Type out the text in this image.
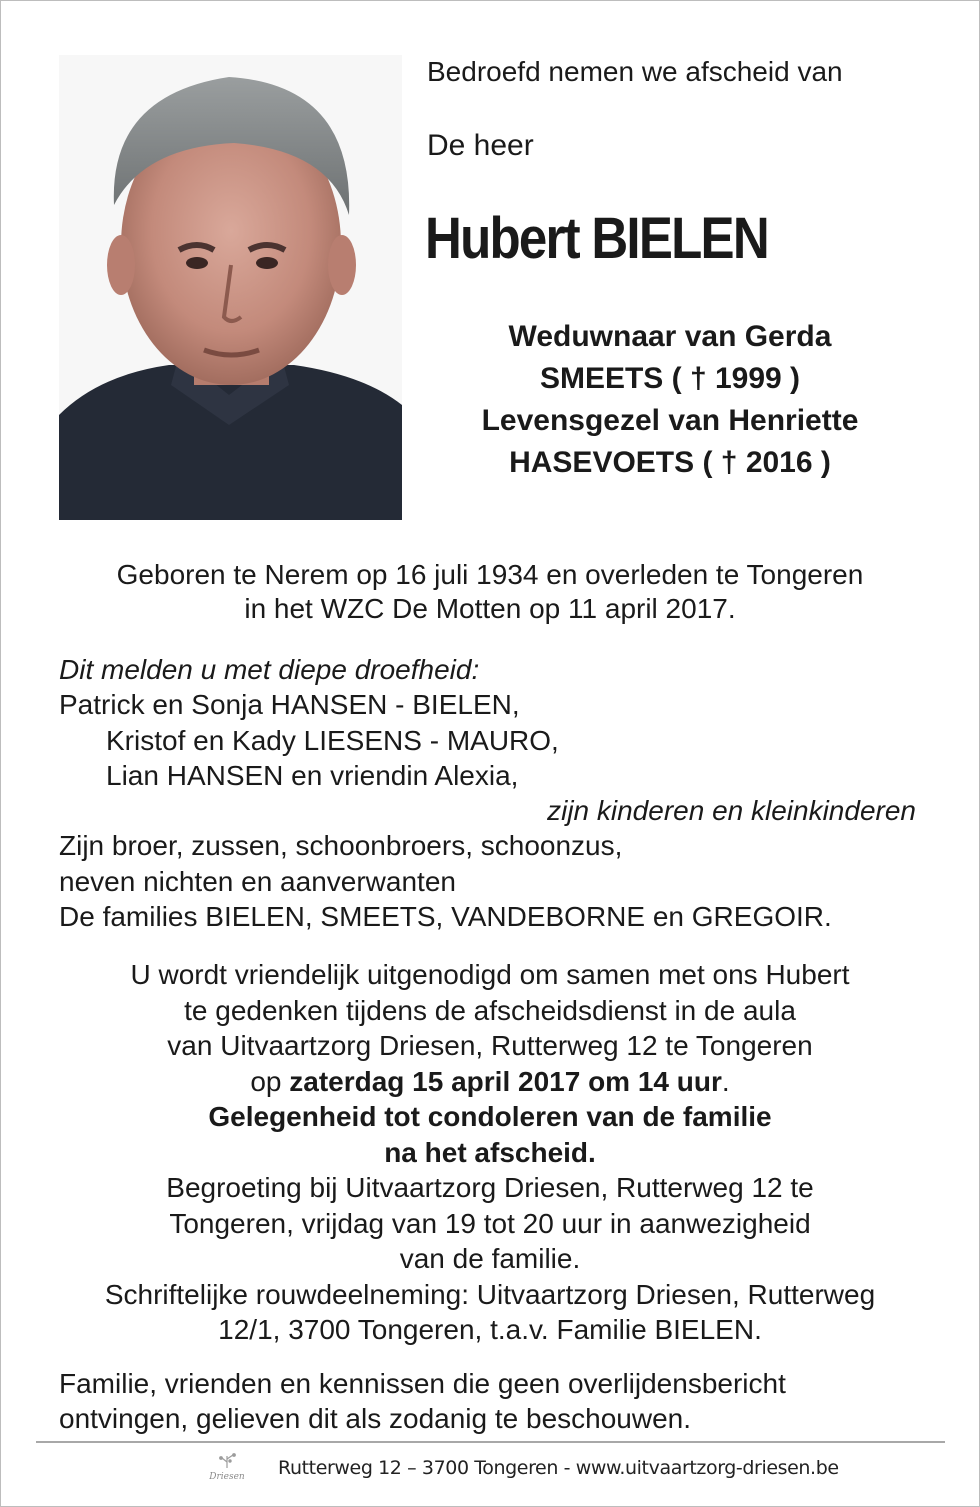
Bedroefd nemen we afscheid van
De heer
Hubert BIELEN
Weduwnaar van Gerda
SMEETS ( † 1999 )
Levensgezel van Henriette
HASEVOETS ( † 2016 )
Geboren te Nerem op 16 juli 1934 en overleden te Tongeren
in het WZC De Motten op 11 april 2017.
Dit melden u met diepe droefheid:
Patrick en Sonja HANSEN - BIELEN,
Kristof en Kady LIESENS - MAURO,
Lian HANSEN en vriendin Alexia,
zijn kinderen en kleinkinderen
Zijn broer, zussen, schoonbroers, schoonzus,
neven nichten en aanverwanten
De families BIELEN, SMEETS, VANDEBORNE en GREGOIR.
U wordt vriendelijk uitgenodigd om samen met ons Hubert
te gedenken tijdens de afscheidsdienst in de aula
van Uitvaartzorg Driesen, Rutterweg 12 te Tongeren
op zaterdag 15 april 2017 om 14 uur.
Gelegenheid tot condoleren van de familie
na het afscheid.
Begroeting bij Uitvaartzorg Driesen, Rutterweg 12 te
Tongeren, vrijdag van 19 tot 20 uur in aanwezigheid
van de familie.
Schriftelijke rouwdeelneming: Uitvaartzorg Driesen, Rutterweg
12/1, 3700 Tongeren, t.a.v. Familie BIELEN.
Familie, vrienden en kennissen die geen overlijdensbericht
ontvingen, gelieven dit als zodanig te beschouwen.
Driesen Rutterweg 12 – 3700 Tongeren - www.uitvaartzorg-driesen.be
